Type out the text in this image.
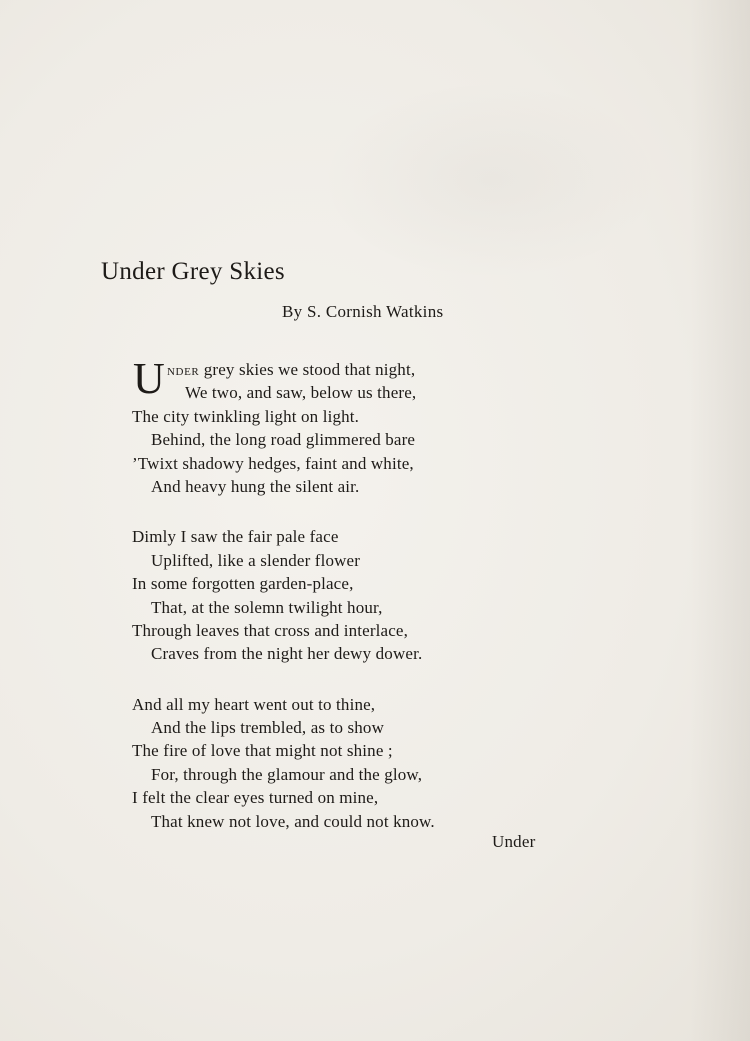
Under Grey Skies
By S. Cornish Watkins
U nder grey skies we stood that night,
We two, and saw, below us there,
The city twinkling light on light.
Behind, the long road glimmered bare
’Twixt shadowy hedges, faint and white,
And heavy hung the silent air.
Dimly I saw the fair pale face
Uplifted, like a slender flower
In some forgotten garden-place,
That, at the solemn twilight hour,
Through leaves that cross and interlace,
Craves from the night her dewy dower.
And all my heart went out to thine,
And the lips trembled, as to show
The fire of love that might not shine ;
For, through the glamour and the glow,
I felt the clear eyes turned on mine,
That knew not love, and could not know.
Under
